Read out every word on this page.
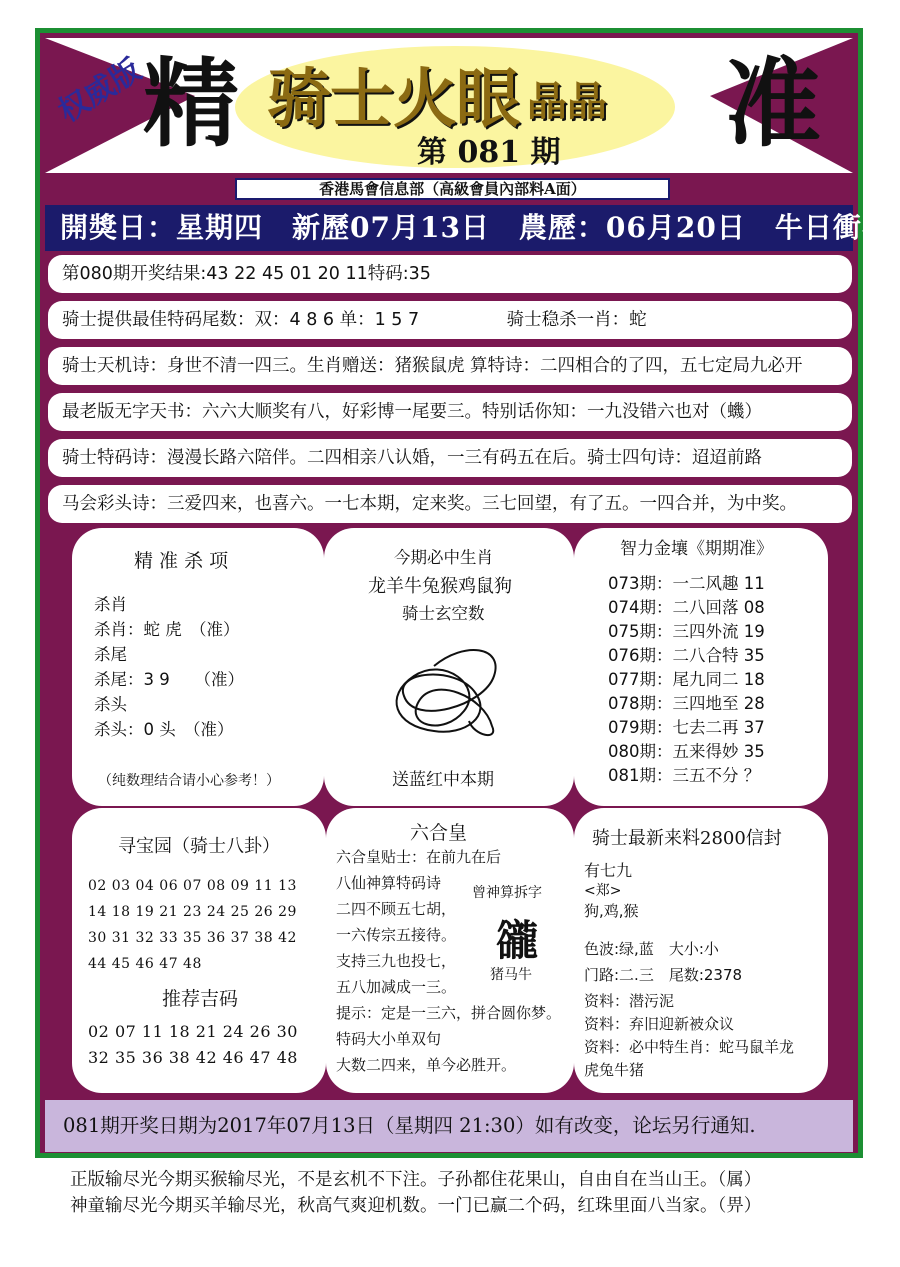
权威版
精	准
骑士火眼 晶晶
第 081 期
香港馬會信息部（高級會員內部料A面）
開獎日：星期四　新歷07月13日　農歷：06月20日　牛日衝羊
第080期开奖结果:43 22 45 01 20 11特码:35
骑士提供最佳特码尾数：双：4 8 6 单：1 5 7　　　　　骑士稳杀一肖：蛇
骑士天机诗：身世不清一四三。生肖赠送：猪猴鼠虎 算特诗：二四相合的了四，五七定局九必开
最老版无字天书：六六大顺奖有八，好彩博一尾要三。特别话你知：一九没错六也对（蟣）
骑士特码诗：漫漫长路六陪伴。二四相亲八认婚，一三有码五在后。骑士四句诗：迢迢前路
马会彩头诗：三爱四来，也喜六。一七本期，定来奖。三七回望，有了五。一四合并，为中奖。
精 准 杀 项
杀肖
杀肖：蛇 虎　（准）
杀尾
杀尾：3 9　　（准）
杀头
杀头：0 头　（准）
（纯数理结合请小心参考！）
今期必中生肖
龙羊牛兔猴鸡鼠狗
骑士玄空数
送蓝红中本期
智力金壤《期期准》
073期：一二风趣 11
074期：二八回落 08
075期：三四外流 19
076期：二八合特 35
077期：尾九同二 18
078期：三四地至 28
079期：七去二再 37
080期：五来得妙 35
081期：三五不分 ？
寻宝园（骑士八卦）
02 03 04 06 07 08 09 11 13
14 18 19 21 23 24 25 26 29
30 31 32 33 35 36 37 38 42
44 45 46 47 48
推荐吉码
02 07 11 18 21 24 26 30
32 35 36 38 42 46 47 48
六合皇
六合皇贴士：在前九在后
八仙神算特码诗
二四不顾五七胡，
一六传宗五接待。
支持三九也投七，
五八加减成一三。
曾神算拆字
豅
猪马牛
提示：定是一三六，拼合圆你梦。
特码大小单双句
大数二四来，单今必胜开。
骑士最新来料2800信封
有七九
<郑>
狗,鸡,猴
色波:绿,蓝　大小:小
门路:二.三　尾数:2378
资料：潜污泥
资料：弃旧迎新被众议
资料：必中特生肖：蛇马鼠羊龙
虎兔牛猪
081期开奖日期为2017年07月13日（星期四 21:30）如有改变，论坛另行通知.
正版输尽光今期买猴输尽光，不是玄机不下注。子孙都住花果山，自由自在当山王。（属）
神童输尽光今期买羊输尽光，秋高气爽迎机数。一门已赢二个码，红珠里面八当家。（畀）
